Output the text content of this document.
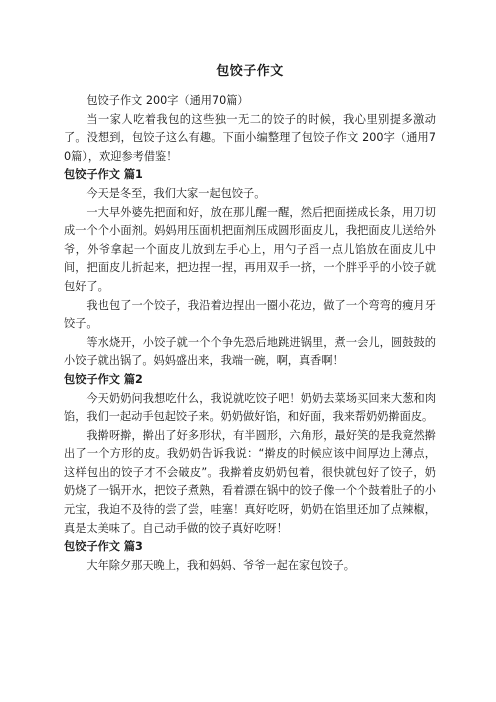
包饺子作文

包饺子作文 200字（通用70篇）

当一家人吃着我包的这些独一无二的饺子的时候，我心里别提多激动了。没想到，包饺子这么有趣。下面小编整理了包饺子作文 200字（通用70篇），欢迎参考借鉴！

包饺子作文 篇1

今天是冬至，我们大家一起包饺子。

一大早外婆先把面和好，放在那儿醒一醒，然后把面搓成长条，用刀切成一个个小面剂。妈妈用压面机把面剂压成圆形面皮儿，我把面皮儿送给外爷，外爷拿起一个面皮儿放到左手心上，用勺子舀一点儿馅放在面皮儿中间，把面皮儿折起来，把边捏一捏，再用双手一挤，一个胖乎乎的小饺子就包好了。

我也包了一个饺子，我沿着边捏出一圈小花边，做了一个弯弯的瘦月牙饺子。

等水烧开，小饺子就一个个争先恐后地跳进锅里，煮一会儿，圆鼓鼓的小饺子就出锅了。妈妈盛出来，我端一碗，啊，真香啊！

包饺子作文 篇2

今天奶奶问我想吃什么，我说就吃饺子吧！奶奶去菜场买回来大葱和肉馅，我们一起动手包起饺子来。奶奶做好馅，和好面，我来帮奶奶擀面皮。

我擀呀擀，擀出了好多形状，有半圆形，六角形，最好笑的是我竟然擀出了一个方形的皮。我奶奶告诉我说：“擀皮的时候应该中间厚边上薄点，这样包出的饺子才不会破皮”。我擀着皮奶奶包着，很快就包好了饺子，奶奶烧了一锅开水，把饺子煮熟，看着漂在锅中的饺子像一个个鼓着肚子的小元宝，我迫不及待的尝了尝，哇塞！真好吃呀，奶奶在馅里还加了点辣椒，真是太美味了。自己动手做的饺子真好吃呀！

包饺子作文 篇3

大年除夕那天晚上，我和妈妈、爷爷一起在家包饺子。
